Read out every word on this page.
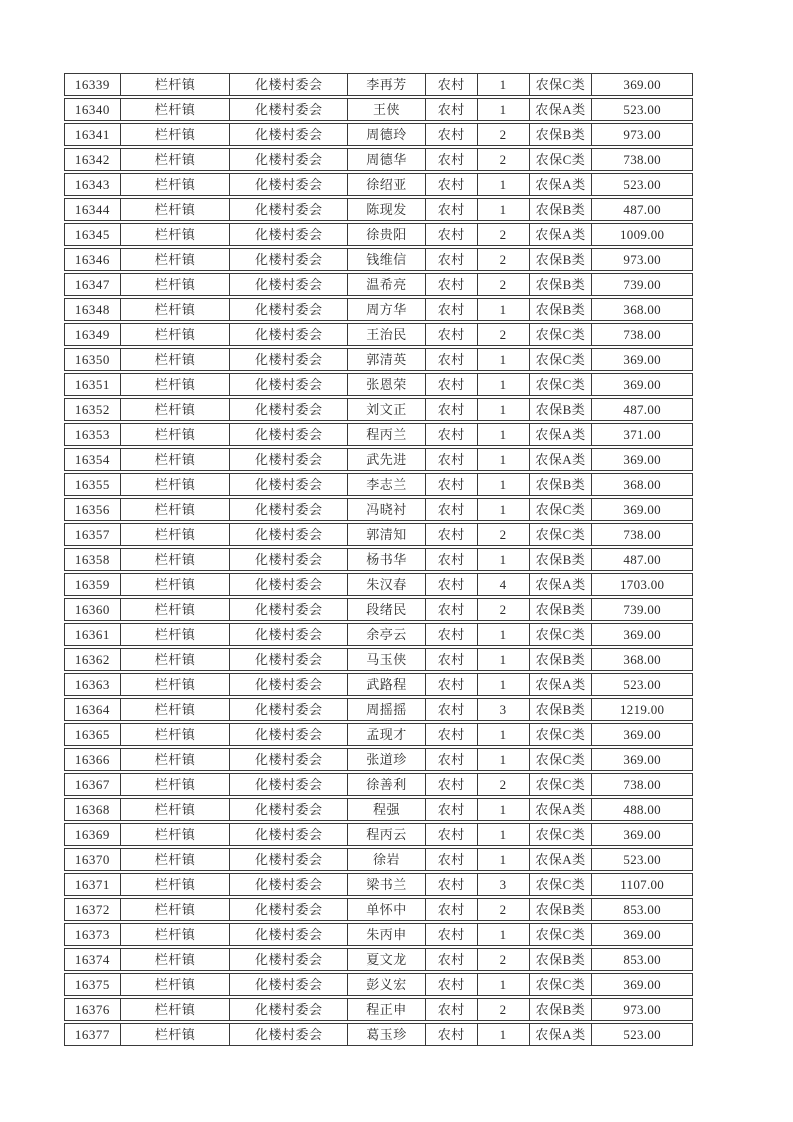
16339	栏杆镇	化楼村委会	李再芳	农村	1	农保C类	369.00
16340	栏杆镇	化楼村委会	王侠	农村	1	农保A类	523.00
16341	栏杆镇	化楼村委会	周德玲	农村	2	农保B类	973.00
16342	栏杆镇	化楼村委会	周德华	农村	2	农保C类	738.00
16343	栏杆镇	化楼村委会	徐绍亚	农村	1	农保A类	523.00
16344	栏杆镇	化楼村委会	陈现发	农村	1	农保B类	487.00
16345	栏杆镇	化楼村委会	徐贵阳	农村	2	农保A类	1009.00
16346	栏杆镇	化楼村委会	钱维信	农村	2	农保B类	973.00
16347	栏杆镇	化楼村委会	温希亮	农村	2	农保B类	739.00
16348	栏杆镇	化楼村委会	周方华	农村	1	农保B类	368.00
16349	栏杆镇	化楼村委会	王治民	农村	2	农保C类	738.00
16350	栏杆镇	化楼村委会	郭清英	农村	1	农保C类	369.00
16351	栏杆镇	化楼村委会	张恩荣	农村	1	农保C类	369.00
16352	栏杆镇	化楼村委会	刘文正	农村	1	农保B类	487.00
16353	栏杆镇	化楼村委会	程丙兰	农村	1	农保A类	371.00
16354	栏杆镇	化楼村委会	武先进	农村	1	农保A类	369.00
16355	栏杆镇	化楼村委会	李志兰	农村	1	农保B类	368.00
16356	栏杆镇	化楼村委会	冯晓衬	农村	1	农保C类	369.00
16357	栏杆镇	化楼村委会	郭清知	农村	2	农保C类	738.00
16358	栏杆镇	化楼村委会	杨书华	农村	1	农保B类	487.00
16359	栏杆镇	化楼村委会	朱汉春	农村	4	农保A类	1703.00
16360	栏杆镇	化楼村委会	段绪民	农村	2	农保B类	739.00
16361	栏杆镇	化楼村委会	余亭云	农村	1	农保C类	369.00
16362	栏杆镇	化楼村委会	马玉侠	农村	1	农保B类	368.00
16363	栏杆镇	化楼村委会	武路程	农村	1	农保A类	523.00
16364	栏杆镇	化楼村委会	周摇摇	农村	3	农保B类	1219.00
16365	栏杆镇	化楼村委会	孟现才	农村	1	农保C类	369.00
16366	栏杆镇	化楼村委会	张道珍	农村	1	农保C类	369.00
16367	栏杆镇	化楼村委会	徐善利	农村	2	农保C类	738.00
16368	栏杆镇	化楼村委会	程强	农村	1	农保A类	488.00
16369	栏杆镇	化楼村委会	程丙云	农村	1	农保C类	369.00
16370	栏杆镇	化楼村委会	徐岩	农村	1	农保A类	523.00
16371	栏杆镇	化楼村委会	梁书兰	农村	3	农保C类	1107.00
16372	栏杆镇	化楼村委会	单怀中	农村	2	农保B类	853.00
16373	栏杆镇	化楼村委会	朱丙申	农村	1	农保C类	369.00
16374	栏杆镇	化楼村委会	夏文龙	农村	2	农保B类	853.00
16375	栏杆镇	化楼村委会	彭义宏	农村	1	农保C类	369.00
16376	栏杆镇	化楼村委会	程正申	农村	2	农保B类	973.00
16377	栏杆镇	化楼村委会	葛玉珍	农村	1	农保A类	523.00
